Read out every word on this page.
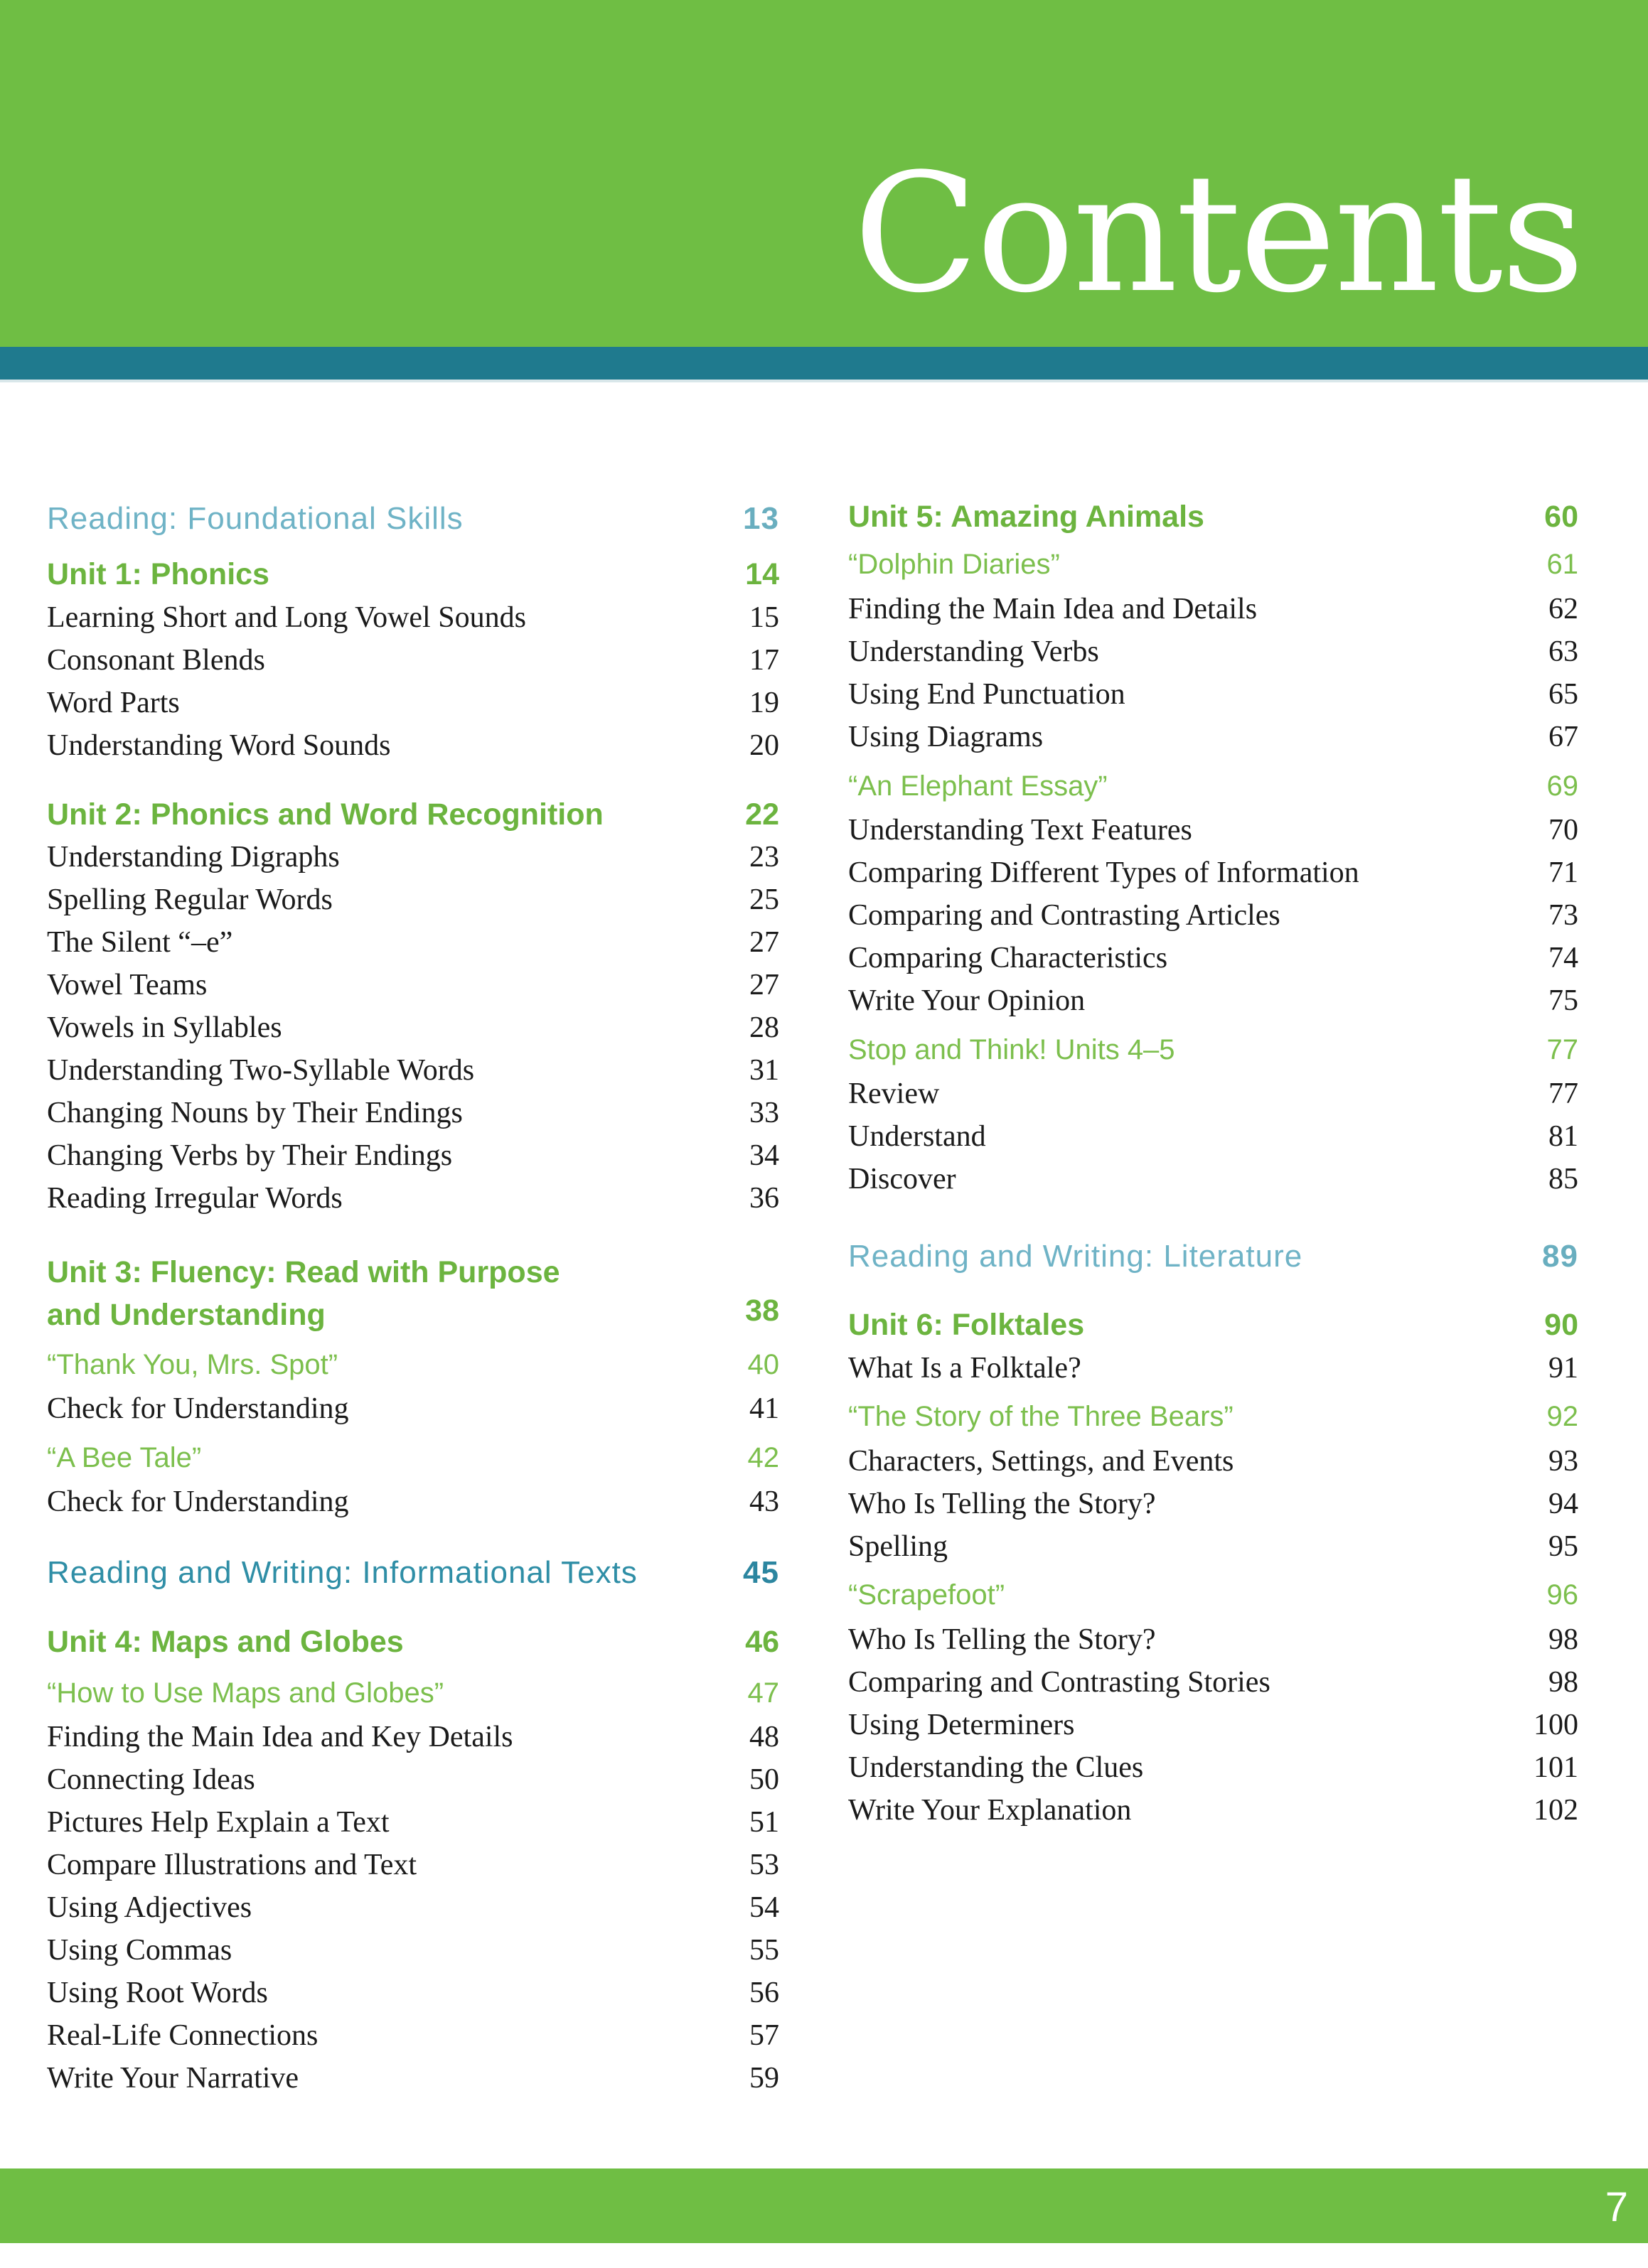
Contents
Reading: Foundational Skills	13
Unit 1: Phonics	14
Learning Short and Long Vowel Sounds	15
Consonant Blends	17
Word Parts	19
Understanding Word Sounds	20
Unit 2: Phonics and Word Recognition	22
Understanding Digraphs	23
Spelling Regular Words	25
The Silent “–e”	27
Vowel Teams	27
Vowels in Syllables	28
Understanding Two-Syllable Words	31
Changing Nouns by Their Endings	33
Changing Verbs by Their Endings	34
Reading Irregular Words	36
Unit 3: Fluency: Read with Purpose and Understanding	38
“Thank You, Mrs. Spot”	40
Check for Understanding	41
“A Bee Tale”	42
Check for Understanding	43
Reading and Writing: Informational Texts	45
Unit 4: Maps and Globes	46
“How to Use Maps and Globes”	47
Finding the Main Idea and Key Details	48
Connecting Ideas	50
Pictures Help Explain a Text	51
Compare Illustrations and Text	53
Using Adjectives	54
Using Commas	55
Using Root Words	56
Real-Life Connections	57
Write Your Narrative	59
Unit 5: Amazing Animals	60
“Dolphin Diaries”	61
Finding the Main Idea and Details	62
Understanding Verbs	63
Using End Punctuation	65
Using Diagrams	67
“An Elephant Essay”	69
Understanding Text Features	70
Comparing Different Types of Information	71
Comparing and Contrasting Articles	73
Comparing Characteristics	74
Write Your Opinion	75
Stop and Think! Units 4–5	77
Review	77
Understand	81
Discover	85
Reading and Writing: Literature	89
Unit 6: Folktales	90
What Is a Folktale?	91
“The Story of the Three Bears”	92
Characters, Settings, and Events	93
Who Is Telling the Story?	94
Spelling	95
“Scrapefoot”	96
Who Is Telling the Story?	98
Comparing and Contrasting Stories	98
Using Determiners	100
Understanding the Clues	101
Write Your Explanation	102
7
